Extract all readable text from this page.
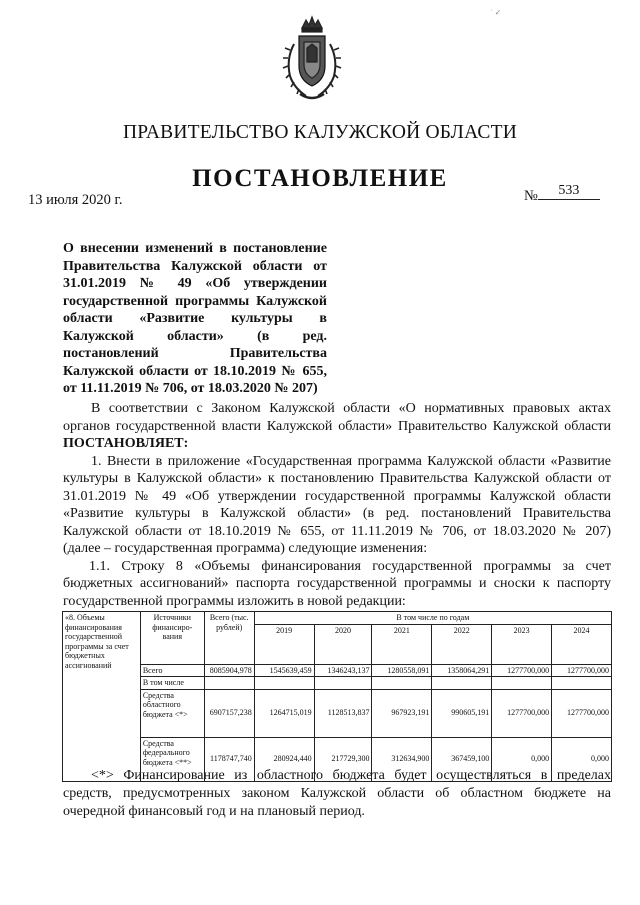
˙ ✓
ПРАВИТЕЛЬСТВО КАЛУЖСКОЙ ОБЛАСТИ
ПОСТАНОВЛЕНИЕ
13 июля 2020 г.	№ 533
О внесении изменений в постановление
Правительства Калужской области от
31.01.2019 № 49 «Об утверждении
государственной программы Калужской
области «Развитие культуры в
Калужской области» (в ред.
постановлений Правительства
Калужской области от 18.10.2019 № 655,
от 11.11.2019 № 706, от 18.03.2020 № 207)
В соответствии с Законом Калужской области «О нормативных правовых актах
органов государственной власти Калужской области» Правительство Калужской области
ПОСТАНОВЛЯЕТ:
1. Внести в приложение «Государственная программа Калужской области «Развитие
культуры в Калужской области» к постановлению Правительства Калужской области от
31.01.2019 № 49 «Об утверждении государственной программы Калужской области
«Развитие культуры в Калужской области» (в ред. постановлений Правительства
Калужской области от 18.10.2019 № 655, от 11.11.2019 № 706, от 18.03.2020 № 207)
(далее – государственная программа) следующие изменения:
1.1. Строку 8 «Объемы финансирования государственной программы за счет
бюджетных ассигнований» паспорта государственной программы и сноски к паспорту
государственной программы изложить в новой редакции:
«8. Объемы финансирования государственной программы за счет бюджетных ассигнований	Источники финансиро-вания	Всего (тыс. рублей)	В том числе по годам					
			2019	2020	2021	2022	2023	2024
	Всего	8085904,978	1545639,459	1346243,137	1280558,091	1358064,291	1277700,000	1277700,000
	В том числе							
	Средства областного бюджета <*>	6907157,238	1264715,019	1128513,837	967923,191	990605,191	1277700,000	1277700,000
	Средства федерального бюджета <**>	1178747,740	280924,440	217729,300	312634,900	367459,100	0,000	0,000
<*> Финансирование из областного бюджета будет осуществляться в пределах
средств, предусмотренных законом Калужской области об областном бюджете на
очередной финансовый год и на плановый период.
